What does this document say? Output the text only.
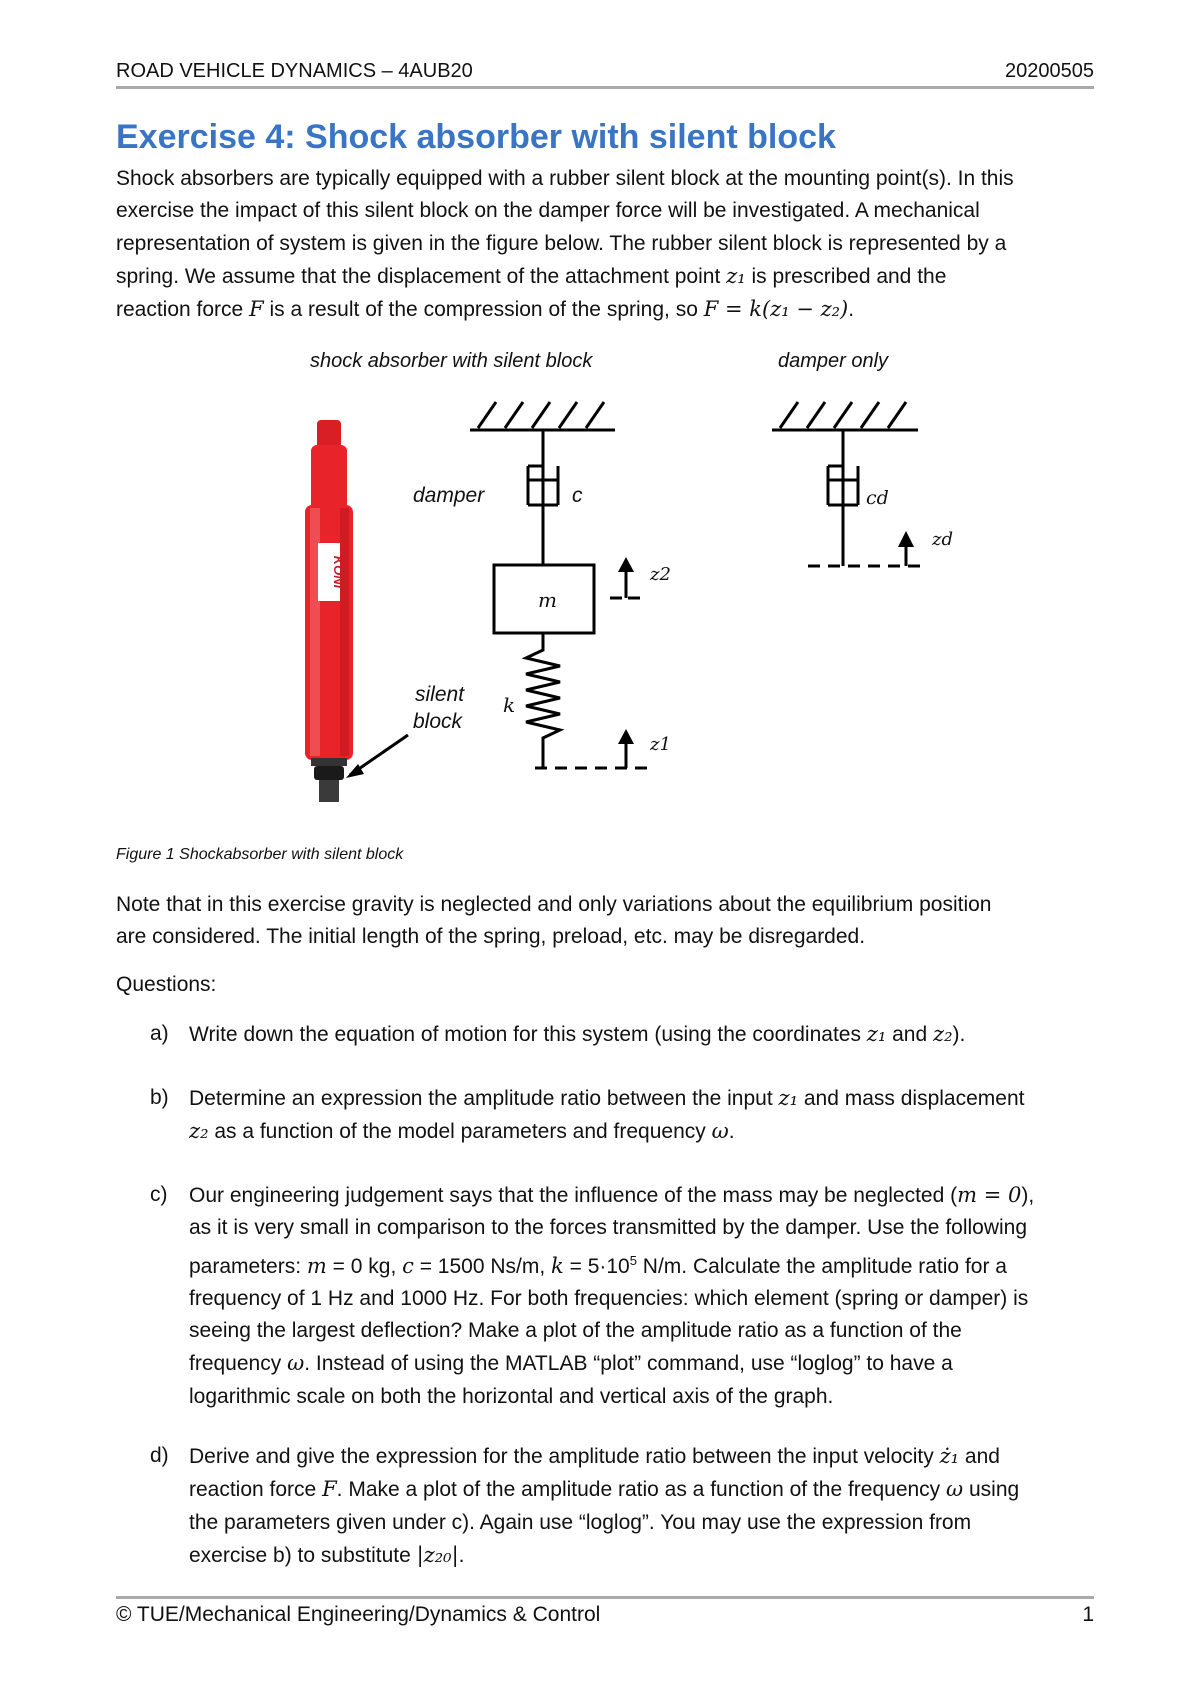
ROAD VEHICLE DYNAMICS – 4AUB20	20200505
Exercise 4: Shock absorber with silent block

Shock absorbers are typically equipped with a rubber silent block at the mounting point(s). In this

exercise the impact of this silent block on the damper force will be investigated. A mechanical

representation of system is given in the figure below. The rubber silent block is represented by a

spring. We assume that the displacement of the attachment point z₁ is prescribed and the

reaction force F is a result of the compression of the spring, so F = k(z₁ − z₂).

shock absorber with silent block	damper only
KONI
damper	c
m
k
silent
block
z2
z1
cd
zd
Figure 1 Shockabsorber with silent block

Note that in this exercise gravity is neglected and only variations about the equilibrium position

are considered. The initial length of the spring, preload, etc. may be disregarded.

Questions:
a) Write down the equation of motion for this system (using the coordinates z₁ and z₂).

b) Determine an expression the amplitude ratio between the input z₁ and mass displacement

z₂ as a function of the model parameters and frequency ω.

c) Our engineering judgement says that the influence of the mass may be neglected (m = 0),

as it is very small in comparison to the forces transmitted by the damper. Use the following

parameters: m = 0 kg, c = 1500 Ns/m, $k = 5\cdot 10^5$ N/m. Calculate the amplitude ratio for a

frequency of 1 Hz and 1000 Hz. For both frequencies: which element (spring or damper) is

seeing the largest deflection? Make a plot of the amplitude ratio as a function of the

frequency ω. Instead of using the MATLAB “plot” command, use “loglog” to have a

logarithmic scale on both the horizontal and vertical axis of the graph.

d) Derive and give the expression for the amplitude ratio between the input velocity ż₁ and

reaction force F. Make a plot of the amplitude ratio as a function of the frequency ω using

the parameters given under c). Again use “loglog”. You may use the expression from

exercise b) to substitute |z₂₀|.

© TUE/Mechanical Engineering/Dynamics & Control	1
